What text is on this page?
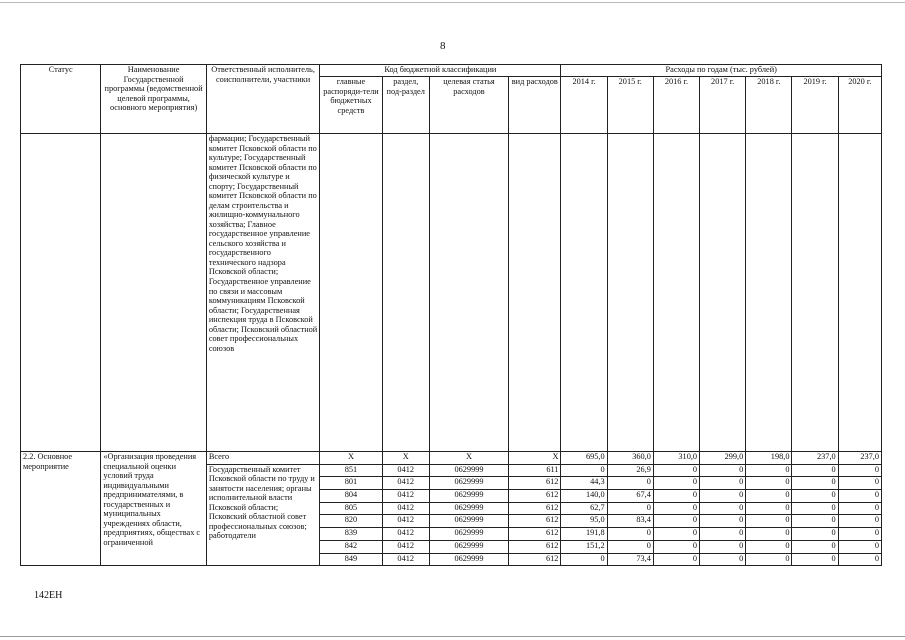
8
Статус	Наименование Государственной программы (ведомственной целевой программы, основного мероприятия)	Ответственный исполнитель, соисполнители, участники	Код бюджетной классификации				Расходы по годам (тыс. рублей)						
			главные распоряди-тели бюджетных средств	раздел, под-раздел	целевая статья расходов	вид расходов	2014 г.	2015 г.	2016 г.	2017 г.	2018 г.	2019 г.	2020 г.
		фармации; Государственный комитет Псковской области по культуре; Государственный комитет Псковской области по физической культуре и спорту; Государственный комитет Псковской области по делам строительства и жилищно-коммунального хозяйства; Главное государственное управление сельского хозяйства и государственного технического надзора Псковской области; Государственное управление по связи и массовым коммуникациям Псковской области; Государственная инспекция труда в Псковской области; Псковский областной совет профессиональных союзов											
2.2. Основное мероприятие	«Организация проведения специальной оценки условий труда индивидуальными предпринимателями, в государственных и муниципальных учреждениях области, предприятиях, обществах с ограниченной	Всего	X	X	X	X	695,0	360,0	310,0	299,0	198,0	237,0	237,0
		Государственный комитет Псковской области по труду и занятости населения; органы исполнительной власти Псковской области; Псковский областной совет профессиональных союзов; работодатели	851	0412	0629999	611	0	26,9	0	0	0	0	0
			801	0412	0629999	612	44,3	0	0	0	0	0	0
			804	0412	0629999	612	140,0	67,4	0	0	0	0	0
			805	0412	0629999	612	62,7	0	0	0	0	0	0
			820	0412	0629999	612	95,0	83,4	0	0	0	0	0
			839	0412	0629999	612	191,8	0	0	0	0	0	0
			842	0412	0629999	612	151,2	0	0	0	0	0	0
			849	0412	0629999	612	0	73,4	0	0	0	0	0
142ЕН
